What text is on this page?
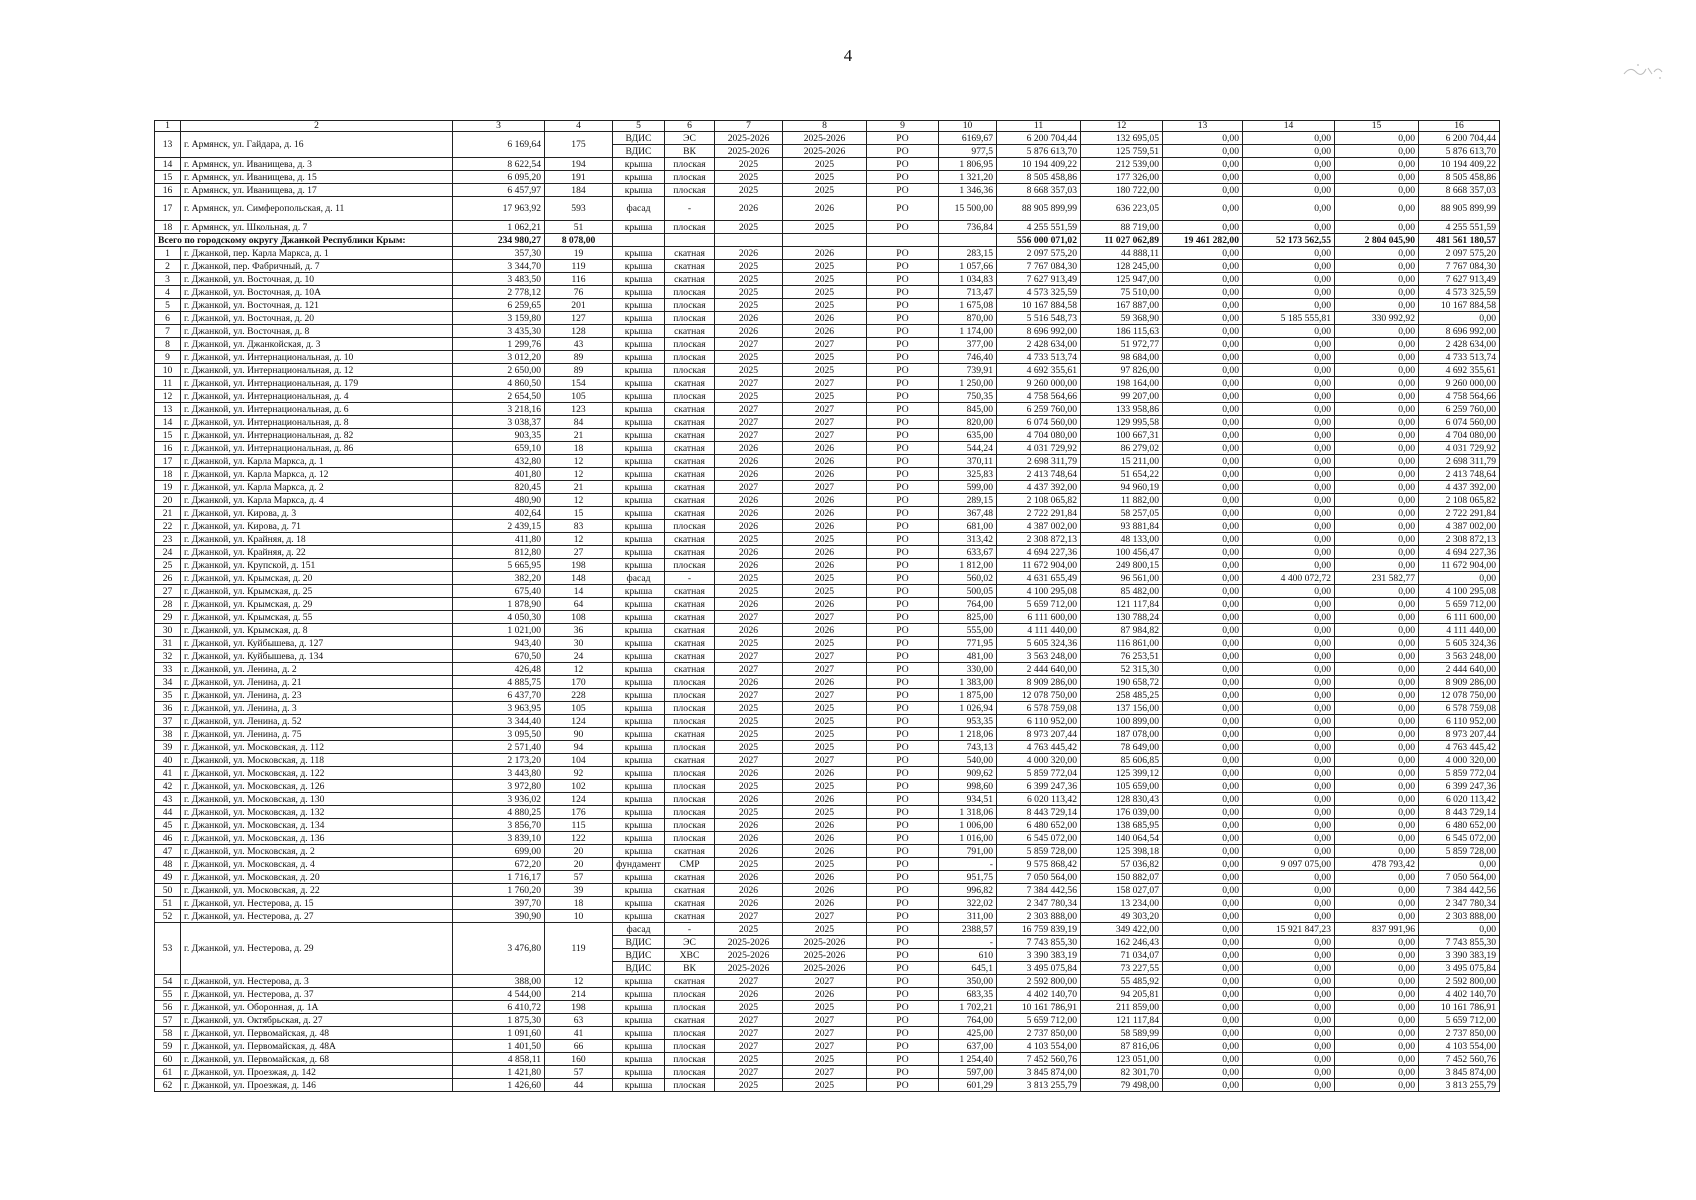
4
1	2	3	4	5	6	7	8	9	10	11	12	13	14	15	16
13	г. Армянск, ул. Гайдара, д. 16	6 169,64	175	ВДИС	ЭС	2025-2026	2025-2026	РО	6169,67	6 200 704,44	132 695,05	0,00	0,00	0,00	6 200 704,44
				ВДИС	ВК	2025-2026	2025-2026	РО	977,5	5 876 613,70	125 759,51	0,00	0,00	0,00	5 876 613,70
14	г. Армянск, ул. Иванищева, д. 3	8 622,54	194	крыша	плоская	2025	2025	РО	1 806,95	10 194 409,22	212 539,00	0,00	0,00	0,00	10 194 409,22
15	г. Армянск, ул. Иванищева, д. 15	6 095,20	191	крыша	плоская	2025	2025	РО	1 321,20	8 505 458,86	177 326,00	0,00	0,00	0,00	8 505 458,86
16	г. Армянск, ул. Иванищева, д. 17	6 457,97	184	крыша	плоская	2025	2025	РО	1 346,36	8 668 357,03	180 722,00	0,00	0,00	0,00	8 668 357,03
17	г. Армянск, ул. Симферопольская, д. 11	17 963,92	593	фасад	-	2026	2026	РО	15 500,00	88 905 899,99	636 223,05	0,00	0,00	0,00	88 905 899,99
18	г. Армянск, ул. Школьная, д. 7	1 062,21	51	крыша	плоская	2025	2025	РО	736,84	4 255 551,59	88 719,00	0,00	0,00	0,00	4 255 551,59
Всего по городскому округу Джанкой Республики Крым:		234 980,27	8 078,00							556 000 071,02	11 027 062,89	19 461 282,00	52 173 562,55	2 804 045,90	481 561 180,57
1	г. Джанкой, пер. Карла Маркса, д. 1	357,30	19	крыша	скатная	2026	2026	РО	283,15	2 097 575,20	44 888,11	0,00	0,00	0,00	2 097 575,20
2	г. Джанкой, пер. Фабричный, д. 7	3 344,70	119	крыша	скатная	2025	2025	РО	1 057,66	7 767 084,30	128 245,00	0,00	0,00	0,00	7 767 084,30
3	г. Джанкой, ул. Восточная, д. 10	3 483,50	116	крыша	скатная	2025	2025	РО	1 034,83	7 627 913,49	125 947,00	0,00	0,00	0,00	7 627 913,49
4	г. Джанкой, ул. Восточная, д. 10А	2 778,12	76	крыша	плоская	2025	2025	РО	713,47	4 573 325,59	75 510,00	0,00	0,00	0,00	4 573 325,59
5	г. Джанкой, ул. Восточная, д. 121	6 259,65	201	крыша	плоская	2025	2025	РО	1 675,08	10 167 884,58	167 887,00	0,00	0,00	0,00	10 167 884,58
6	г. Джанкой, ул. Восточная, д. 20	3 159,80	127	крыша	плоская	2026	2026	РО	870,00	5 516 548,73	59 368,90	0,00	5 185 555,81	330 992,92	0,00
7	г. Джанкой, ул. Восточная, д. 8	3 435,30	128	крыша	скатная	2026	2026	РО	1 174,00	8 696 992,00	186 115,63	0,00	0,00	0,00	8 696 992,00
8	г. Джанкой, ул. Джанкойская, д. 3	1 299,76	43	крыша	плоская	2027	2027	РО	377,00	2 428 634,00	51 972,77	0,00	0,00	0,00	2 428 634,00
9	г. Джанкой, ул. Интернациональная, д. 10	3 012,20	89	крыша	плоская	2025	2025	РО	746,40	4 733 513,74	98 684,00	0,00	0,00	0,00	4 733 513,74
10	г. Джанкой, ул. Интернациональная, д. 12	2 650,00	89	крыша	плоская	2025	2025	РО	739,91	4 692 355,61	97 826,00	0,00	0,00	0,00	4 692 355,61
11	г. Джанкой, ул. Интернациональная, д. 179	4 860,50	154	крыша	скатная	2027	2027	РО	1 250,00	9 260 000,00	198 164,00	0,00	0,00	0,00	9 260 000,00
12	г. Джанкой, ул. Интернациональная, д. 4	2 654,50	105	крыша	плоская	2025	2025	РО	750,35	4 758 564,66	99 207,00	0,00	0,00	0,00	4 758 564,66
13	г. Джанкой, ул. Интернациональная, д. 6	3 218,16	123	крыша	скатная	2027	2027	РО	845,00	6 259 760,00	133 958,86	0,00	0,00	0,00	6 259 760,00
14	г. Джанкой, ул. Интернациональная, д. 8	3 038,37	84	крыша	скатная	2027	2027	РО	820,00	6 074 560,00	129 995,58	0,00	0,00	0,00	6 074 560,00
15	г. Джанкой, ул. Интернациональная, д. 82	903,35	21	крыша	скатная	2027	2027	РО	635,00	4 704 080,00	100 667,31	0,00	0,00	0,00	4 704 080,00
16	г. Джанкой, ул. Интернациональная, д. 86	659,10	18	крыша	скатная	2026	2026	РО	544,24	4 031 729,92	86 279,02	0,00	0,00	0,00	4 031 729,92
17	г. Джанкой, ул. Карла Маркса, д. 1	432,80	12	крыша	скатная	2026	2026	РО	370,11	2 698 311,79	15 211,00	0,00	0,00	0,00	2 698 311,79
18	г. Джанкой, ул. Карла Маркса, д. 12	401,80	12	крыша	скатная	2026	2026	РО	325,83	2 413 748,64	51 654,22	0,00	0,00	0,00	2 413 748,64
19	г. Джанкой, ул. Карла Маркса, д. 2	820,45	21	крыша	скатная	2027	2027	РО	599,00	4 437 392,00	94 960,19	0,00	0,00	0,00	4 437 392,00
20	г. Джанкой, ул. Карла Маркса, д. 4	480,90	12	крыша	скатная	2026	2026	РО	289,15	2 108 065,82	11 882,00	0,00	0,00	0,00	2 108 065,82
21	г. Джанкой, ул. Кирова, д. 3	402,64	15	крыша	скатная	2026	2026	РО	367,48	2 722 291,84	58 257,05	0,00	0,00	0,00	2 722 291,84
22	г. Джанкой, ул. Кирова, д. 71	2 439,15	83	крыша	плоская	2026	2026	РО	681,00	4 387 002,00	93 881,84	0,00	0,00	0,00	4 387 002,00
23	г. Джанкой, ул. Крайняя, д. 18	411,80	12	крыша	скатная	2025	2025	РО	313,42	2 308 872,13	48 133,00	0,00	0,00	0,00	2 308 872,13
24	г. Джанкой, ул. Крайняя, д. 22	812,80	27	крыша	скатная	2026	2026	РО	633,67	4 694 227,36	100 456,47	0,00	0,00	0,00	4 694 227,36
25	г. Джанкой, ул. Крупской, д. 151	5 665,95	198	крыша	плоская	2026	2026	РО	1 812,00	11 672 904,00	249 800,15	0,00	0,00	0,00	11 672 904,00
26	г. Джанкой, ул. Крымская, д. 20	382,20	148	фасад	-	2025	2025	РО	560,02	4 631 655,49	96 561,00	0,00	4 400 072,72	231 582,77	0,00
27	г. Джанкой, ул. Крымская, д. 25	675,40	14	крыша	скатная	2025	2025	РО	500,05	4 100 295,08	85 482,00	0,00	0,00	0,00	4 100 295,08
28	г. Джанкой, ул. Крымская, д. 29	1 878,90	64	крыша	скатная	2026	2026	РО	764,00	5 659 712,00	121 117,84	0,00	0,00	0,00	5 659 712,00
29	г. Джанкой, ул. Крымская, д. 55	4 050,30	108	крыша	скатная	2027	2027	РО	825,00	6 111 600,00	130 788,24	0,00	0,00	0,00	6 111 600,00
30	г. Джанкой, ул. Крымская, д. 8	1 021,00	36	крыша	скатная	2026	2026	РО	555,00	4 111 440,00	87 984,82	0,00	0,00	0,00	4 111 440,00
31	г. Джанкой, ул. Куйбышева, д. 127	943,40	30	крыша	скатная	2025	2025	РО	771,95	5 605 324,36	116 861,00	0,00	0,00	0,00	5 605 324,36
32	г. Джанкой, ул. Куйбышева, д. 134	670,50	24	крыша	скатная	2027	2027	РО	481,00	3 563 248,00	76 253,51	0,00	0,00	0,00	3 563 248,00
33	г. Джанкой, ул. Ленина, д. 2	426,48	12	крыша	скатная	2027	2027	РО	330,00	2 444 640,00	52 315,30	0,00	0,00	0,00	2 444 640,00
34	г. Джанкой, ул. Ленина, д. 21	4 885,75	170	крыша	плоская	2026	2026	РО	1 383,00	8 909 286,00	190 658,72	0,00	0,00	0,00	8 909 286,00
35	г. Джанкой, ул. Ленина, д. 23	6 437,70	228	крыша	плоская	2027	2027	РО	1 875,00	12 078 750,00	258 485,25	0,00	0,00	0,00	12 078 750,00
36	г. Джанкой, ул. Ленина, д. 3	3 963,95	105	крыша	плоская	2025	2025	РО	1 026,94	6 578 759,08	137 156,00	0,00	0,00	0,00	6 578 759,08
37	г. Джанкой, ул. Ленина, д. 52	3 344,40	124	крыша	плоская	2025	2025	РО	953,35	6 110 952,00	100 899,00	0,00	0,00	0,00	6 110 952,00
38	г. Джанкой, ул. Ленина, д. 75	3 095,50	90	крыша	скатная	2025	2025	РО	1 218,06	8 973 207,44	187 078,00	0,00	0,00	0,00	8 973 207,44
39	г. Джанкой, ул. Московская, д. 112	2 571,40	94	крыша	плоская	2025	2025	РО	743,13	4 763 445,42	78 649,00	0,00	0,00	0,00	4 763 445,42
40	г. Джанкой, ул. Московская, д. 118	2 173,20	104	крыша	скатная	2027	2027	РО	540,00	4 000 320,00	85 606,85	0,00	0,00	0,00	4 000 320,00
41	г. Джанкой, ул. Московская, д. 122	3 443,80	92	крыша	плоская	2026	2026	РО	909,62	5 859 772,04	125 399,12	0,00	0,00	0,00	5 859 772,04
42	г. Джанкой, ул. Московская, д. 126	3 972,80	102	крыша	плоская	2025	2025	РО	998,60	6 399 247,36	105 659,00	0,00	0,00	0,00	6 399 247,36
43	г. Джанкой, ул. Московская, д. 130	3 936,02	124	крыша	плоская	2026	2026	РО	934,51	6 020 113,42	128 830,43	0,00	0,00	0,00	6 020 113,42
44	г. Джанкой, ул. Московская, д. 132	4 880,25	176	крыша	плоская	2025	2025	РО	1 318,06	8 443 729,14	176 039,00	0,00	0,00	0,00	8 443 729,14
45	г. Джанкой, ул. Московская, д. 134	3 856,70	115	крыша	плоская	2026	2026	РО	1 006,00	6 480 652,00	138 685,95	0,00	0,00	0,00	6 480 652,00
46	г. Джанкой, ул. Московская, д. 136	3 839,10	122	крыша	плоская	2026	2026	РО	1 016,00	6 545 072,00	140 064,54	0,00	0,00	0,00	6 545 072,00
47	г. Джанкой, ул. Московская, д. 2	699,00	20	крыша	скатная	2026	2026	РО	791,00	5 859 728,00	125 398,18	0,00	0,00	0,00	5 859 728,00
48	г. Джанкой, ул. Московская, д. 4	672,20	20	фундамент	СМР	2025	2025	РО	-	9 575 868,42	57 036,82	0,00	9 097 075,00	478 793,42	0,00
49	г. Джанкой, ул. Московская, д. 20	1 716,17	57	крыша	скатная	2026	2026	РО	951,75	7 050 564,00	150 882,07	0,00	0,00	0,00	7 050 564,00
50	г. Джанкой, ул. Московская, д. 22	1 760,20	39	крыша	скатная	2026	2026	РО	996,82	7 384 442,56	158 027,07	0,00	0,00	0,00	7 384 442,56
51	г. Джанкой, ул. Нестерова, д. 15	397,70	18	крыша	скатная	2026	2026	РО	322,02	2 347 780,34	13 234,00	0,00	0,00	0,00	2 347 780,34
52	г. Джанкой, ул. Нестерова, д. 27	390,90	10	крыша	скатная	2027	2027	РО	311,00	2 303 888,00	49 303,20	0,00	0,00	0,00	2 303 888,00
53	г. Джанкой, ул. Нестерова, д. 29	3 476,80	119	фасад	-	2025	2025	РО	2388,57	16 759 839,19	349 422,00	0,00	15 921 847,23	837 991,96	0,00
				ВДИС	ЭС	2025-2026	2025-2026	РО	-	7 743 855,30	162 246,43	0,00	0,00	0,00	7 743 855,30
				ВДИС	ХВС	2025-2026	2025-2026	РО	610	3 390 383,19	71 034,07	0,00	0,00	0,00	3 390 383,19
				ВДИС	ВК	2025-2026	2025-2026	РО	645,1	3 495 075,84	73 227,55	0,00	0,00	0,00	3 495 075,84
54	г. Джанкой, ул. Нестерова, д. 3	388,00	12	крыша	скатная	2027	2027	РО	350,00	2 592 800,00	55 485,92	0,00	0,00	0,00	2 592 800,00
55	г. Джанкой, ул. Нестерова, д. 37	4 544,00	214	крыша	плоская	2026	2026	РО	683,35	4 402 140,70	94 205,81	0,00	0,00	0,00	4 402 140,70
56	г. Джанкой, ул. Оборонная, д. 1А	6 410,72	198	крыша	плоская	2025	2025	РО	1 702,21	10 161 786,91	211 859,00	0,00	0,00	0,00	10 161 786,91
57	г. Джанкой, ул. Октябрьская, д. 27	1 875,30	63	крыша	скатная	2027	2027	РО	764,00	5 659 712,00	121 117,84	0,00	0,00	0,00	5 659 712,00
58	г. Джанкой, ул. Первомайская, д. 48	1 091,60	41	крыша	плоская	2027	2027	РО	425,00	2 737 850,00	58 589,99	0,00	0,00	0,00	2 737 850,00
59	г. Джанкой, ул. Первомайская, д. 48А	1 401,50	66	крыша	плоская	2027	2027	РО	637,00	4 103 554,00	87 816,06	0,00	0,00	0,00	4 103 554,00
60	г. Джанкой, ул. Первомайская, д. 68	4 858,11	160	крыша	плоская	2025	2025	РО	1 254,40	7 452 560,76	123 051,00	0,00	0,00	0,00	7 452 560,76
61	г. Джанкой, ул. Проезжая, д. 142	1 421,80	57	крыша	плоская	2027	2027	РО	597,00	3 845 874,00	82 301,70	0,00	0,00	0,00	3 845 874,00
62	г. Джанкой, ул. Проезжая, д. 146	1 426,60	44	крыша	плоская	2025	2025	РО	601,29	3 813 255,79	79 498,00	0,00	0,00	0,00	3 813 255,79
